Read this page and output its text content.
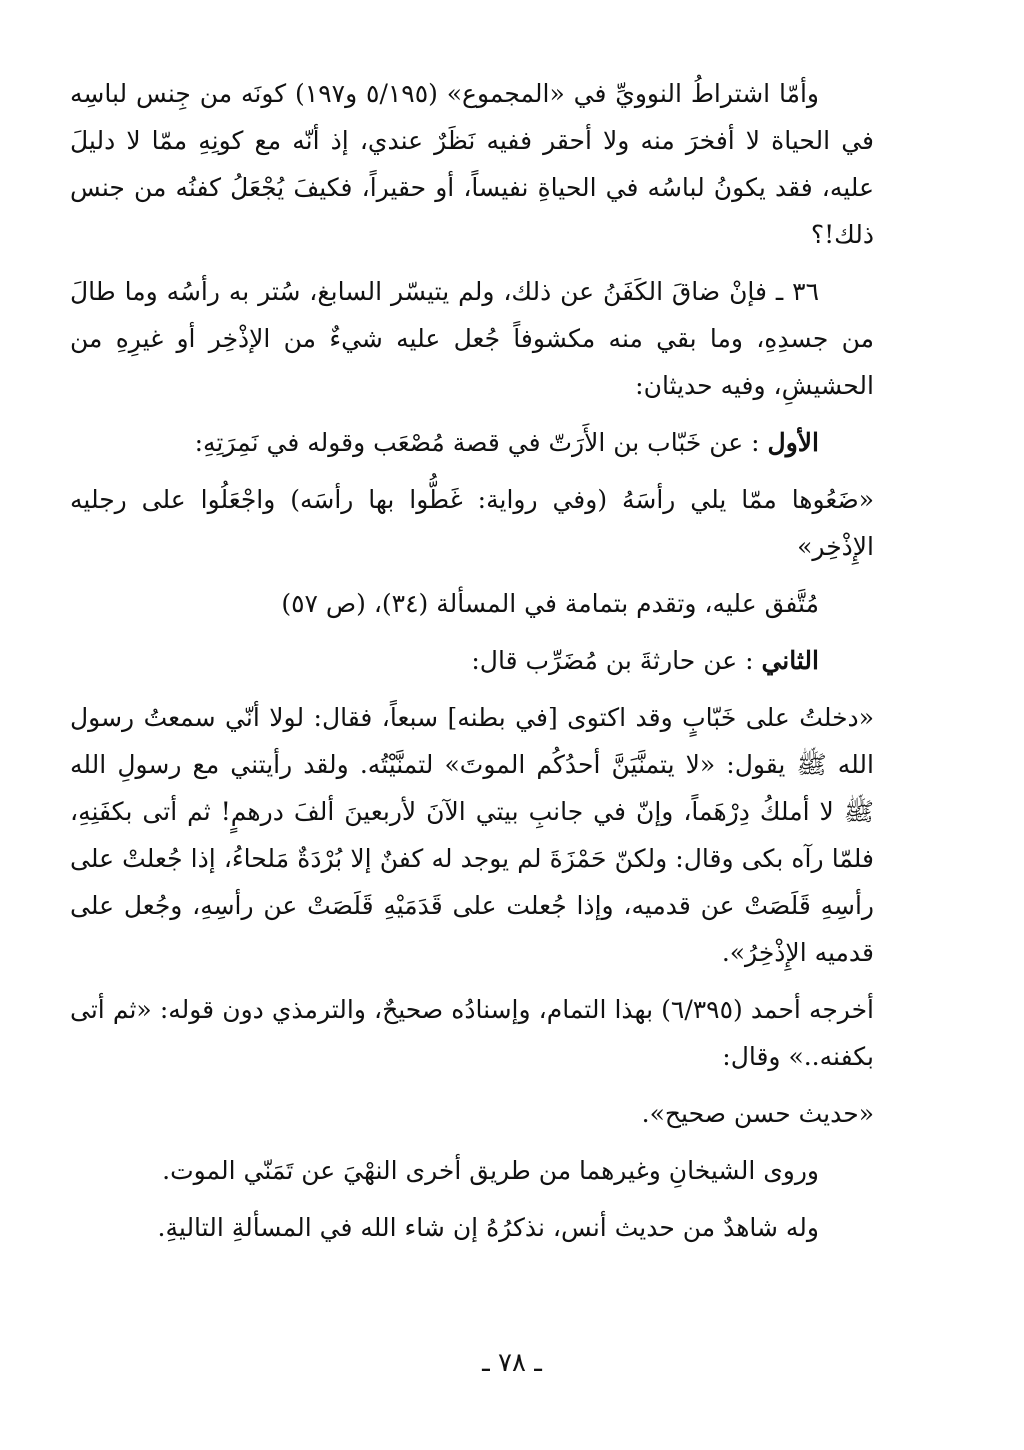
وأمّا اشتراطُ النوويِّ في «المجموع» (٥/١٩٥ و١٩٧) كونَه من جِنس لباسِه في الحياة لا أفخرَ منه ولا أحقر ففيه نَظَرٌ عندي، إذ أنّه مع كونِهِ ممّا لا دليلَ عليه، فقد يكونُ لباسُه في الحياةِ نفيساً، أو حقيراً، فكيفَ يُجْعَلُ كفنُه من جنس ذلك!؟

٣٦ ـ فإنْ ضاقَ الكَفَنُ عن ذلك، ولم يتيسّر السابغ، سُتر به رأسُه وما طالَ من جسدِهِ، وما بقي منه مكشوفاً جُعل عليه شيءٌ من الإذْخِر أو غيرِهِ من الحشيشِ، وفيه حديثان:

الأول : عن خَبّاب بن الأَرَتّ في قصة مُصْعَب وقوله في نَمِرَتِهِ:

«ضَعُوها ممّا يلي رأسَهُ (وفي رواية: غَطُّوا بها رأسَه) واجْعَلُوا على رجليه الإِذْخِر»

مُتَّفق عليه، وتقدم بتمامة في المسألة (٣٤)، (ص ٥٧)

الثاني : عن حارثةَ بن مُضَرِّب قال:

«دخلتُ على خَبّابٍ وقد اكتوى [في بطنه] سبعاً، فقال: لولا أنّي سمعتُ رسول الله ﷺ يقول: «لا يتمنَّيَنَّ أحدُكُم الموتَ» لتمنَّيْتُه. ولقد رأيتني مع رسولِ الله ﷺ لا أملكُ دِرْهَماً، وإنّ في جانبِ بيتي الآنَ لأربعينَ ألفَ درهمٍ! ثم أتى بكفَنِهِ، فلمّا رآه بكى وقال: ولكنّ حَمْزَةَ لم يوجد له كفنٌ إلا بُرْدَةٌ مَلحاءُ، إذا جُعلتْ على رأسِهِ قَلَصَتْ عن قدميه، وإذا جُعلت على قَدَمَيْهِ قَلَصَتْ عن رأسِهِ، وجُعل على قدميه الإِذْخِرُ».

أخرجه أحمد (٦/٣٩٥) بهذا التمام، وإسنادُه صحيحٌ، والترمذي دون قوله: «ثم أتى بكفنه..» وقال:

«حديث حسن صحيح».

وروى الشيخانِ وغيرهما من طريق أخرى النهْيَ عن تَمَنّي الموت.

وله شاهدٌ من حديث أنس، نذكرُهُ إن شاء الله في المسألةِ التاليةِ.

ـ ٧٨ ـ
